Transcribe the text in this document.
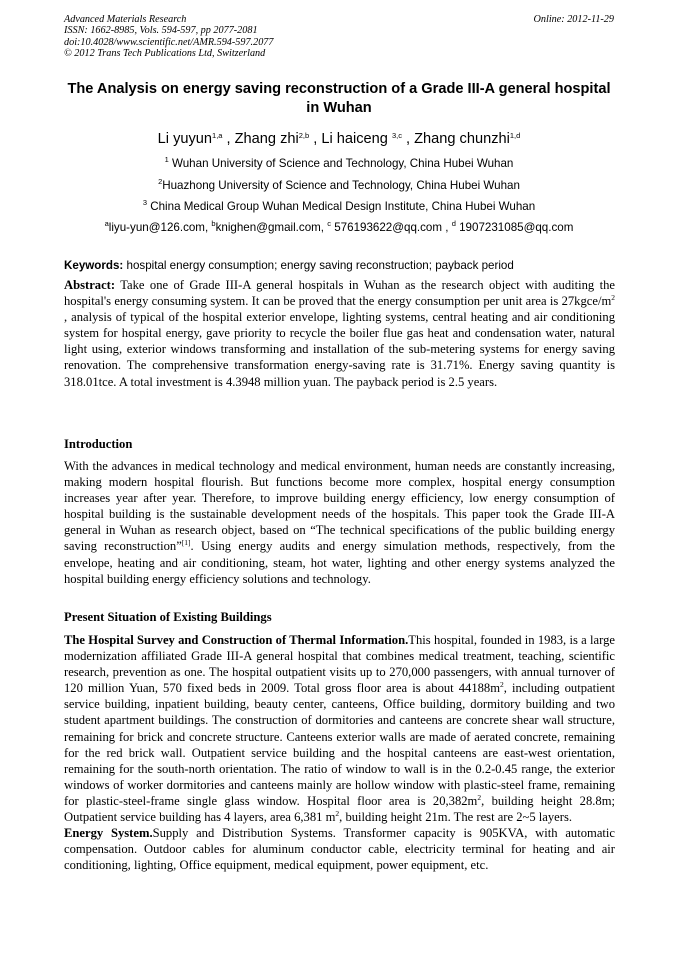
Advanced Materials Research
ISSN: 1662-8985, Vols. 594-597, pp 2077-2081
doi:10.4028/www.scientific.net/AMR.594-597.2077
© 2012 Trans Tech Publications Ltd, Switzerland
Online: 2012-11-29
The Analysis on energy saving reconstruction of a Grade III-A general hospital in Wuhan
Li yuyun$^{1,a}$ , Zhang zhi$^{2,b}$ , Li haiceng $^{3,c}$ , Zhang chunzhi$^{1,d}$
$^1$ Wuhan University of Science and Technology, China Hubei Wuhan
$^2$Huazhong University of Science and Technology, China Hubei Wuhan
$^3$ China Medical Group Wuhan Medical Design Institute, China Hubei Wuhan
$^a$liyu-yun@126.com, $^b$knighen@gmail.com, $^c$ 576193622@qq.com , $^d$ 1907231085@qq.com
Keywords: hospital energy consumption; energy saving reconstruction; payback period
Abstract: Take one of Grade III-A general hospitals in Wuhan as the research object with auditing the hospital's energy consuming system. It can be proved that the energy consumption per unit area is $27kgce/m^2$ , analysis of typical of the hospital exterior envelope, lighting systems, central heating and air conditioning system for hospital energy, gave priority to recycle the boiler flue gas heat and condensation water, natural light using, exterior windows transforming and installation of the sub-metering systems for energy saving renovation. The comprehensive transformation energy-saving rate is 31.71%. Energy saving quantity is 318.01tce. A total investment is 4.3948 million yuan. The payback period is 2.5 years.
Introduction
With the advances in medical technology and medical environment, human needs are constantly increasing, making modern hospital flourish. But functions become more complex, hospital energy consumption increases year after year. Therefore, to improve building energy efficiency, low energy consumption of hospital building is the sustainable development needs of the hospitals. This paper took the Grade III-A general in Wuhan as research object, based on “The technical specifications of the public building energy saving reconstruction”[1]. Using energy audits and energy simulation methods, respectively, from the envelope, heating and air conditioning, steam, hot water, lighting and other energy systems analyzed the hospital building energy efficiency solutions and technology.
Present Situation of Existing Buildings
The Hospital Survey and Construction of Thermal Information.This hospital, founded in 1983, is a large modernization affiliated Grade III-A general hospital that combines medical treatment, teaching, scientific research, prevention as one. The hospital outpatient visits up to 270,000 passengers, with annual turnover of 120 million Yuan, 570 fixed beds in 2009. Total gross floor area is about $44188m^2$, including outpatient service building, inpatient building, beauty center, canteens, Office building, dormitory building and two student apartment buildings. The construction of dormitories and canteens are concrete shear wall structure, remaining for brick and concrete structure. Canteens exterior walls are made of aerated concrete, remaining for the red brick wall. Outpatient service building and the hospital canteens are east-west orientation, remaining for the south-north orientation. The ratio of window to wall is in the 0.2-0.45 range, the exterior windows of worker dormitories and canteens mainly are hollow window with plastic-steel frame, remaining for plastic-steel-frame single glass window. Hospital floor area is $20,382m^2$, building height 28.8m; Outpatient service building has 4 layers, area 6,381 $m^2$, building height 21m. The rest are 2~5 layers.
Energy System.Supply and Distribution Systems. Transformer capacity is 905KVA, with automatic compensation. Outdoor cables for aluminum conductor cable, electricity terminal for heating and air conditioning, lighting, Office equipment, medical equipment, power equipment, etc.
